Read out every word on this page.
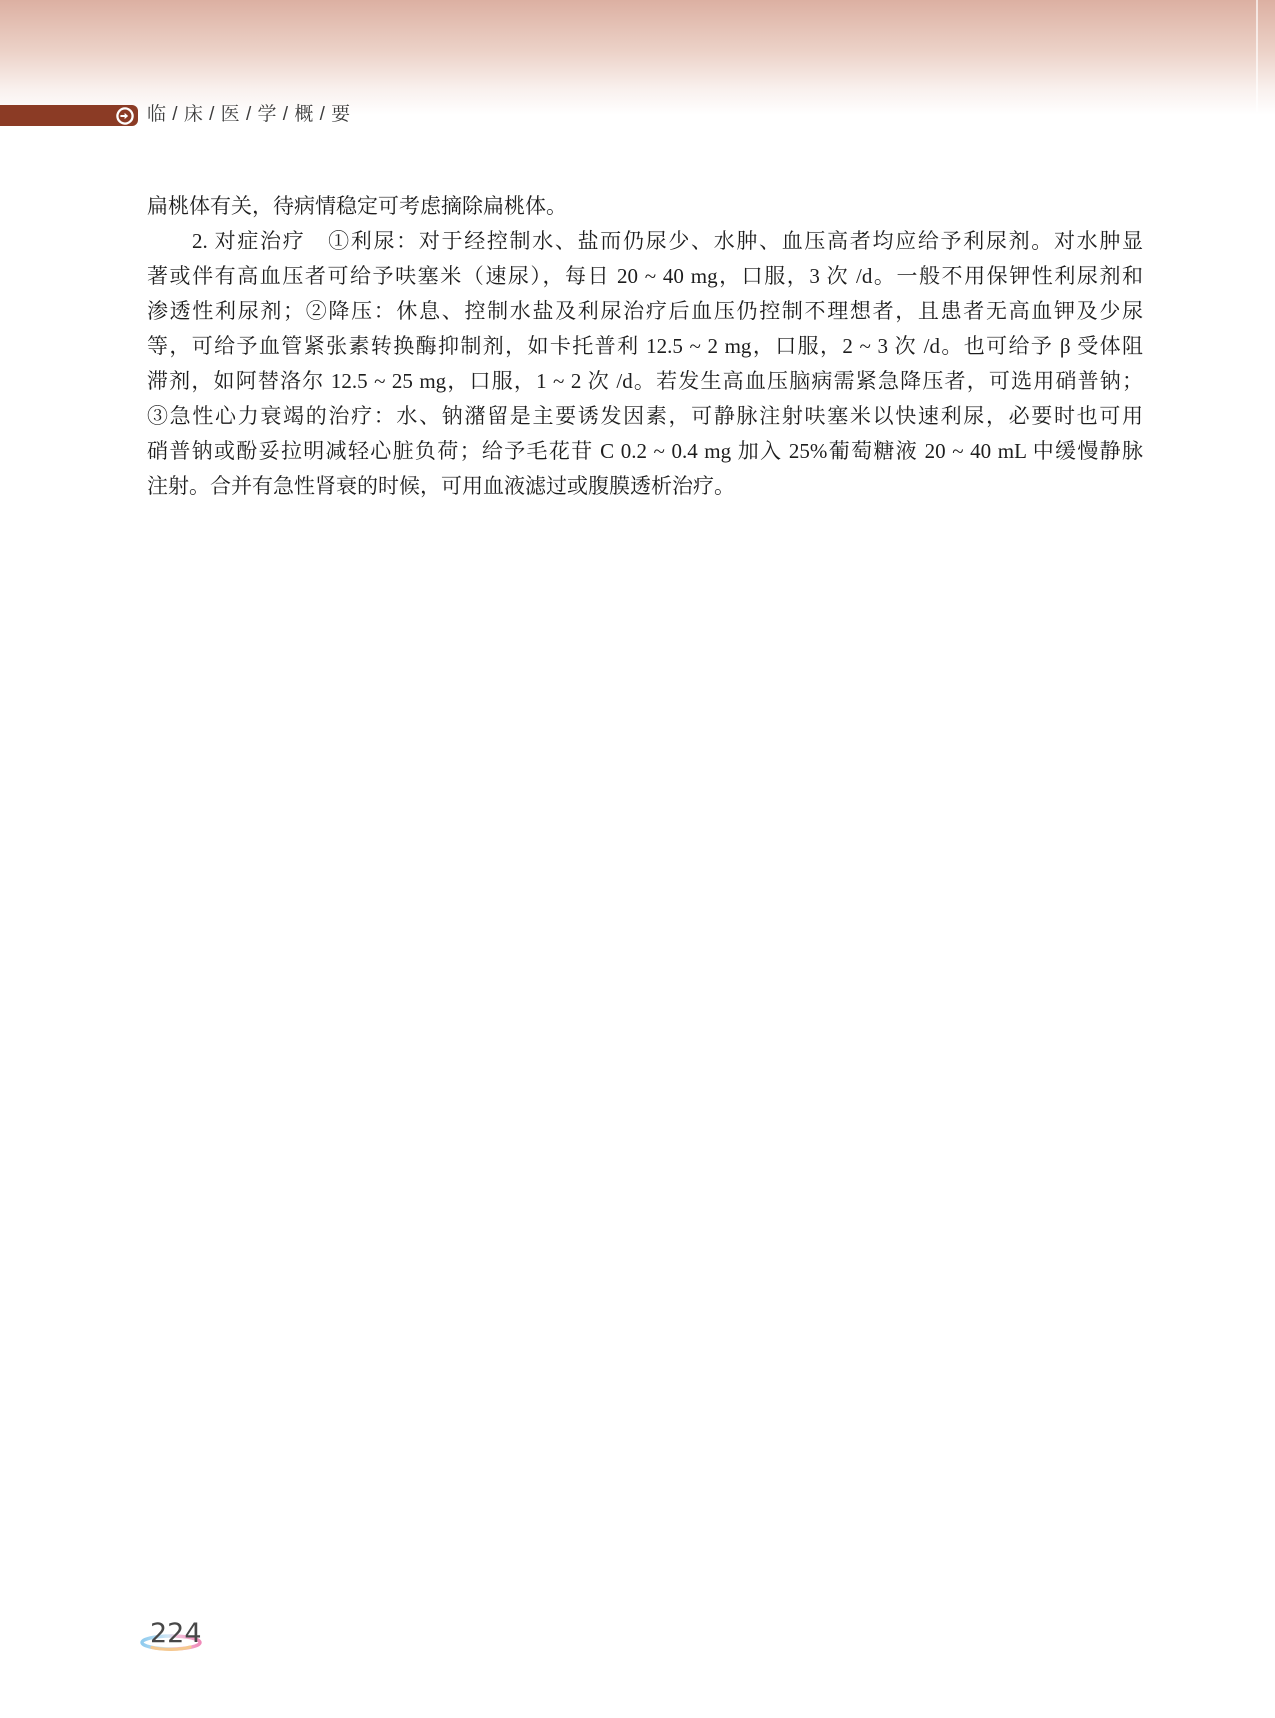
临 / 床 / 医 / 学 / 概 / 要
扁桃体有关，待病情稳定可考虑摘除扁桃体。
2. 对症治疗　①利尿：对于经控制水、盐而仍尿少、水肿、血压高者均应给予利尿剂。对水肿显
著或伴有高血压者可给予呋塞米（速尿），每日 20 ~ 40 mg，口服，3 次 /d。一般不用保钾性利尿剂和
渗透性利尿剂；②降压：休息、控制水盐及利尿治疗后血压仍控制不理想者，且患者无高血钾及少尿
等，可给予血管紧张素转换酶抑制剂，如卡托普利 12.5 ~ 2 mg，口服，2 ~ 3 次 /d。也可给予 β 受体阻
滞剂，如阿替洛尔 12.5 ~ 25 mg，口服，1 ~ 2 次 /d。若发生高血压脑病需紧急降压者，可选用硝普钠；
③急性心力衰竭的治疗：水、钠潴留是主要诱发因素，可静脉注射呋塞米以快速利尿，必要时也可用
硝普钠或酚妥拉明减轻心脏负荷；给予毛花苷 C 0.2 ~ 0.4 mg 加入 25%葡萄糖液 20 ~ 40 mL 中缓慢静脉
注射。合并有急性肾衰的时候，可用血液滤过或腹膜透析治疗。
224
